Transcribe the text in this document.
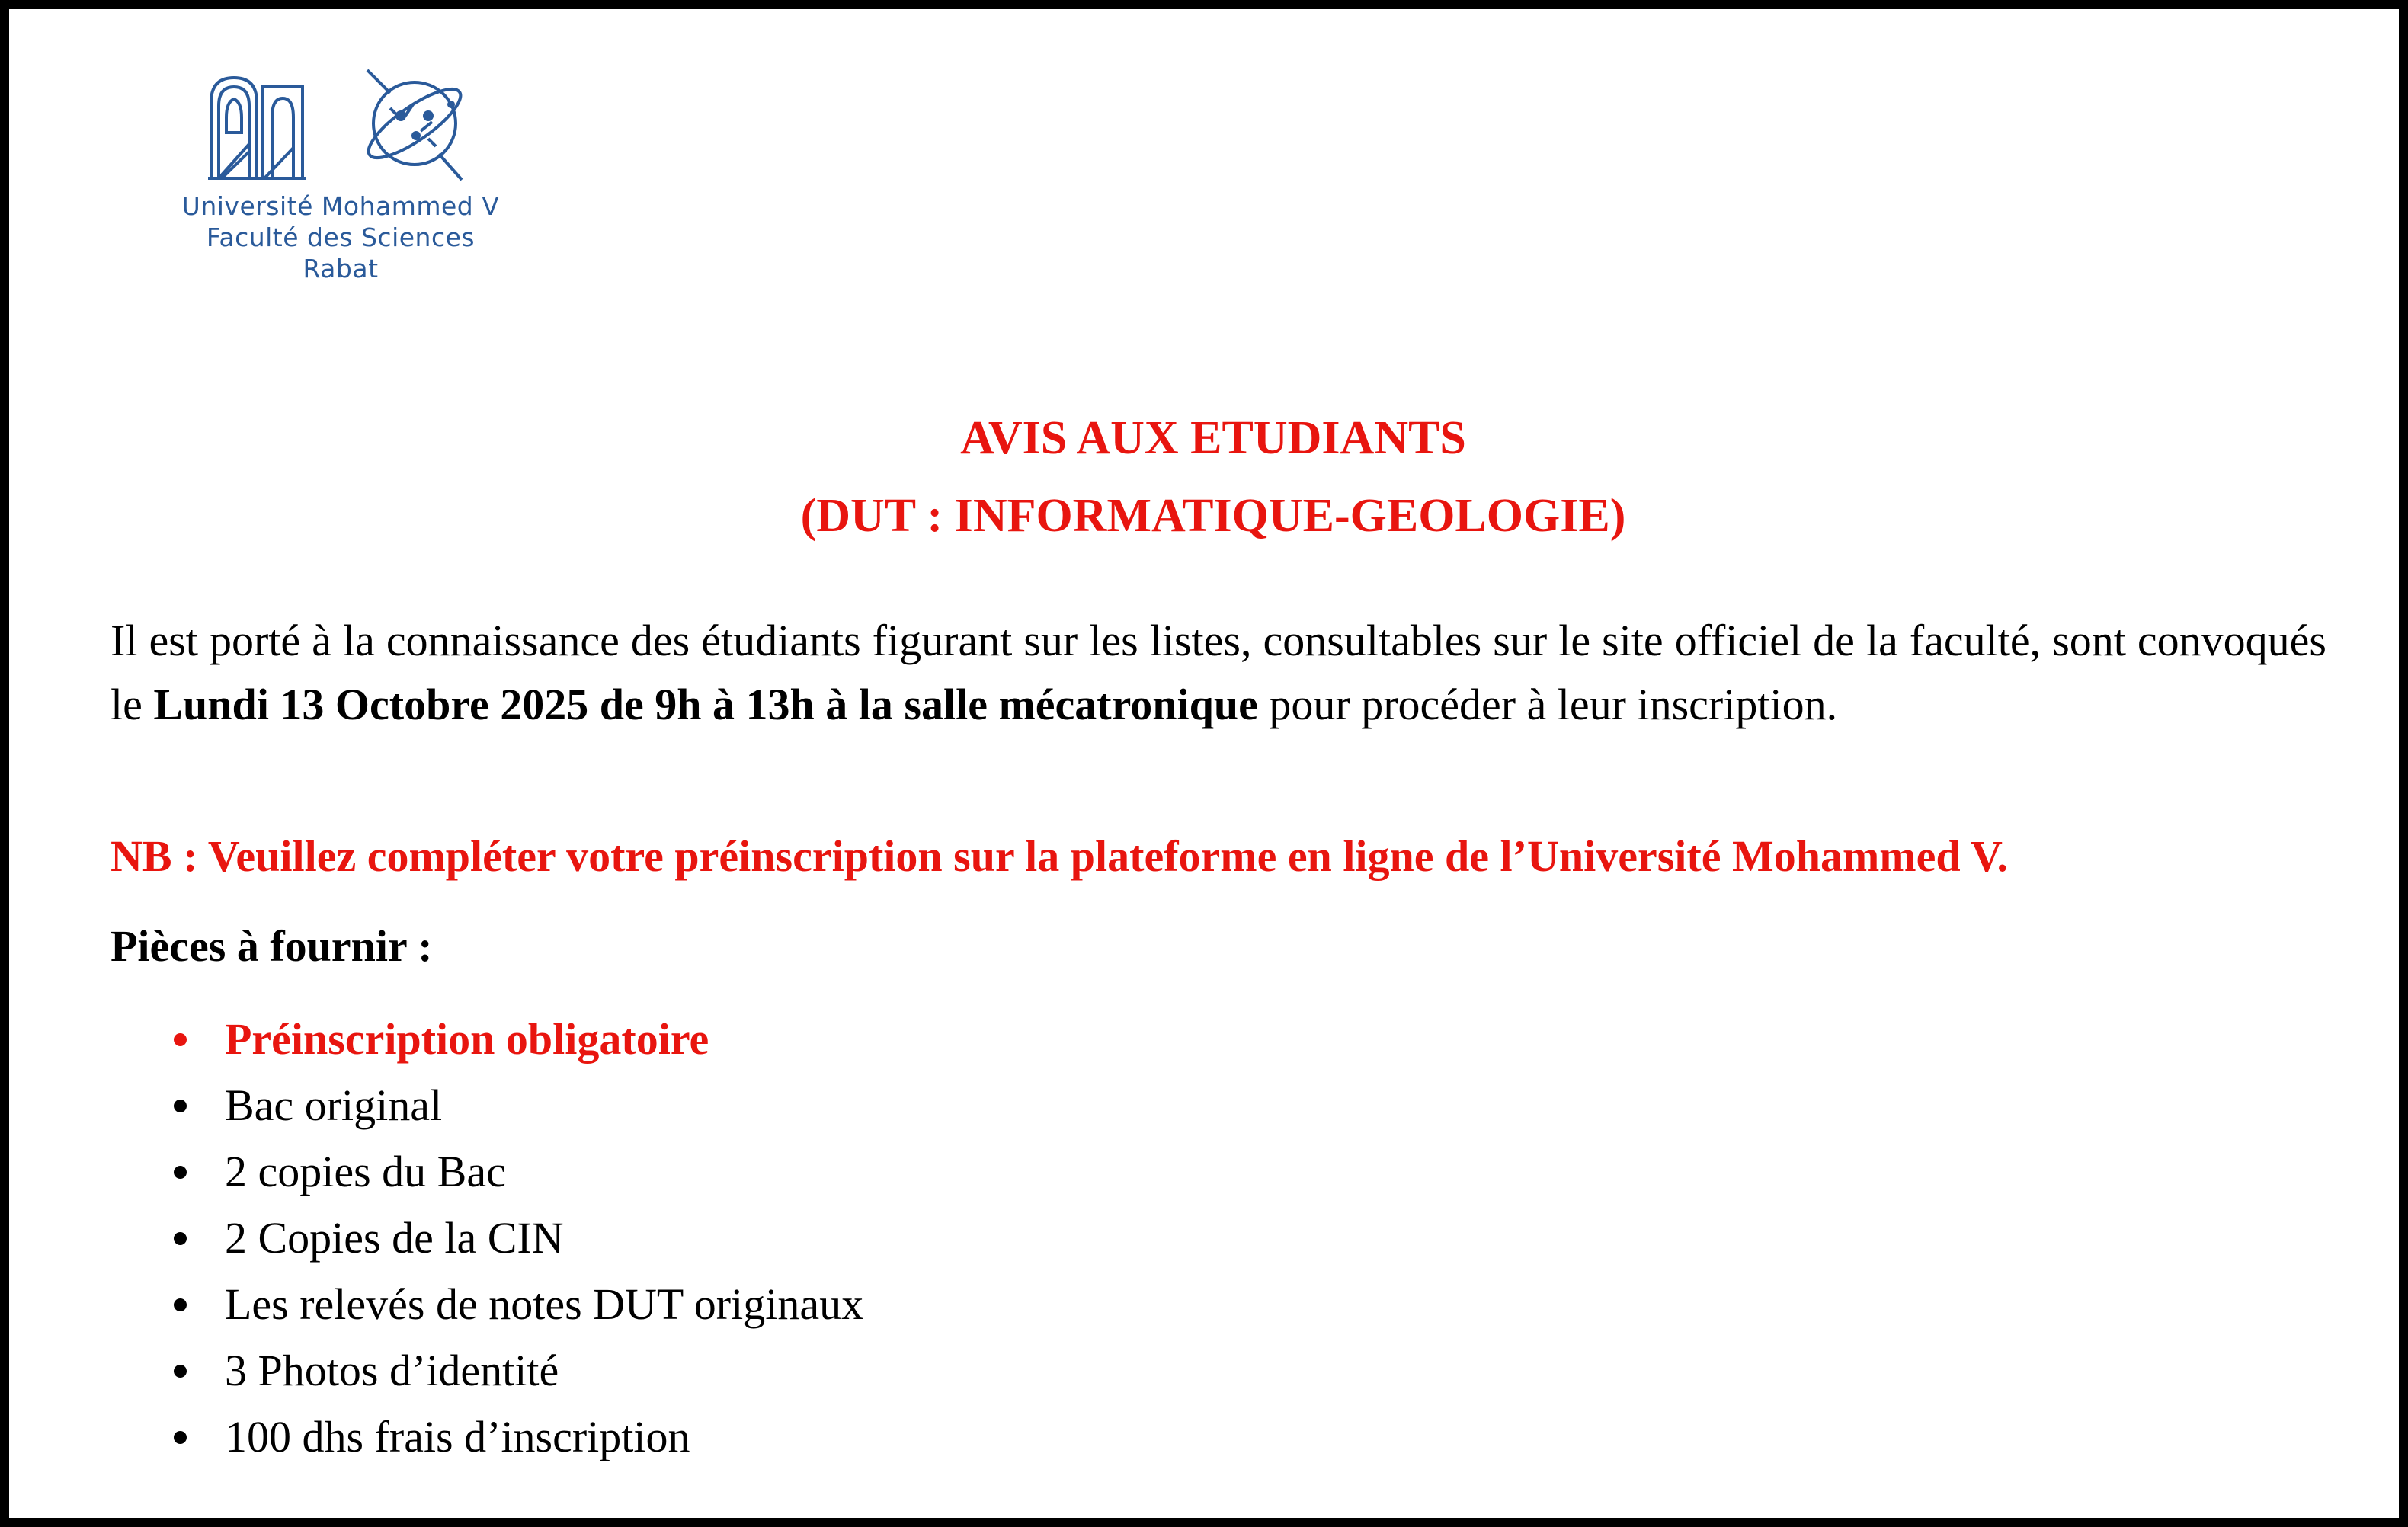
Université Mohammed V
Faculté des Sciences
Rabat
AVIS AUX ETUDIANTS
(DUT : INFORMATIQUE-GEOLOGIE)
Il est porté à la connaissance des étudiants figurant sur les listes, consultables sur le site officiel de la faculté, sont convoqués le Lundi 13 Octobre 2025 de 9h à 13h à la salle mécatronique pour procéder à leur inscription.
NB : Veuillez compléter votre préinscription sur la plateforme en ligne de l’Université Mohammed V.
Pièces à fournir :
Préinscription obligatoire
Bac original
2 copies du Bac
2 Copies de la CIN
Les relevés de notes DUT originaux
3 Photos d’identité
100 dhs frais d’inscription
